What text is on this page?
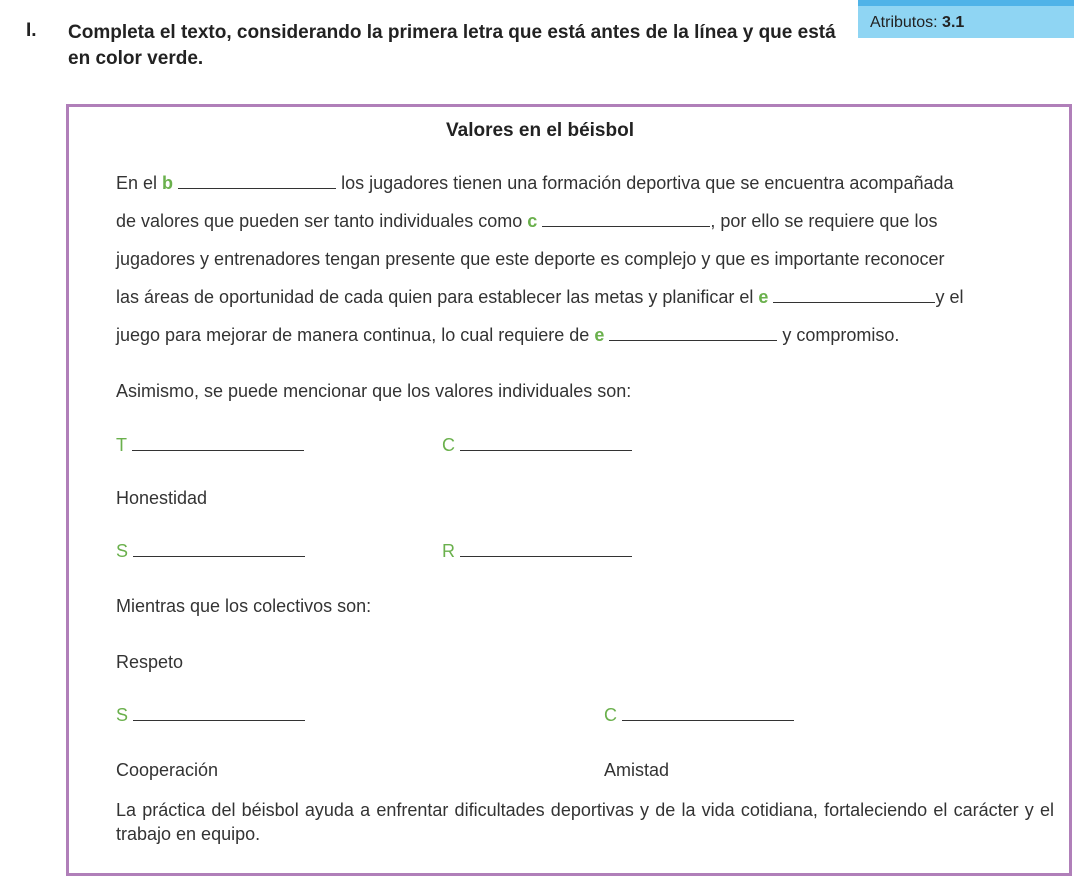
I. Completa el texto, considerando la primera letra que está antes de la línea y que está en color verde.
Atributos: 3.1
Valores en el béisbol
En el b	los jugadores tienen una formación deportiva que se encuentra acompañada
de valores que pueden ser tanto individuales como c	, por ello se requiere que los
jugadores y entrenadores tengan presente que este deporte es complejo y que es importante reconocer
las áreas de oportunidad de cada quien para establecer las metas y planificar el e	y el
juego para mejorar de manera continua, lo cual requiere de e	y compromiso.
Asimismo, se puede mencionar que los valores individuales son:
T	C
Honestidad
S	R
Mientras que los colectivos son:
Respeto
S	C
Cooperación	Amistad
La práctica del béisbol ayuda a enfrentar dificultades deportivas y de la vida cotidiana, fortaleciendo el carácter y el trabajo en equipo.
